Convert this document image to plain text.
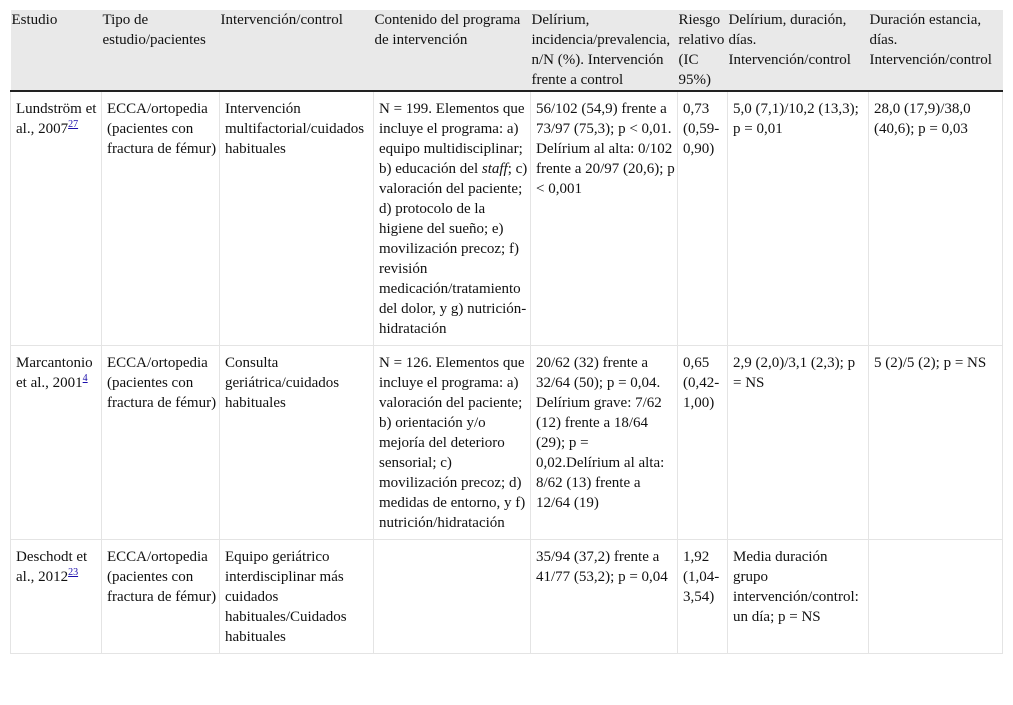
Estudio	Tipo de estudio/pacientes	Intervención/control	Contenido del programa de intervención	Delírium, incidencia/prevalencia, n/N (%). Intervención frente a control	Riesgo relativo (IC 95%)	Delírium, duración, días. Intervención/control	Duración estancia, días. Intervención/control
Lundström et al., 2007$^{27}$	ECCA/ortopedia (pacientes con fractura de fémur)	Intervención multifactorial/cuidados habituales	N = 199. Elementos que incluye el programa: a) equipo multidisciplinar; b) educación del staff; c) valoración del paciente; d) protocolo de la higiene del sueño; e) movilización precoz; f) revisión medicación/tratamiento del dolor, y g) nutrición-hidratación	56/102 (54,9) frente a 73/97 (75,3); p < 0,01. Delírium al alta: 0/102 frente a 20/97 (20,6); p < 0,001	0,73 (0,59-0,90)	5,0 (7,1)/10,2 (13,3); p = 0,01	28,0 (17,9)/38,0 (40,6); p = 0,03
Marcantonio et al., 2001$^4$	ECCA/ortopedia (pacientes con fractura de fémur)	Consulta geriátrica/cuidados habituales	N = 126. Elementos que incluye el programa: a) valoración del paciente; b) orientación y/o mejoría del deterioro sensorial; c) movilización precoz; d) medidas de entorno, y f) nutrición/hidratación	20/62 (32) frente a 32/64 (50); p = 0,04. Delírium grave: 7/62 (12) frente a 18/64 (29); p = 0,02.Delírium al alta: 8/62 (13) frente a 12/64 (19)	0,65 (0,42-1,00)	2,9 (2,0)/3,1 (2,3); p = NS	5 (2)/5 (2); p = NS
Deschodt et al., 2012$^{23}$	ECCA/ortopedia (pacientes con fractura de fémur)	Equipo geriátrico interdisciplinar más cuidados habituales/Cuidados habituales		35/94 (37,2) frente a 41/77 (53,2); p = 0,04	1,92 (1,04-3,54)	Media duración grupo intervención/control: un día; p = NS	
